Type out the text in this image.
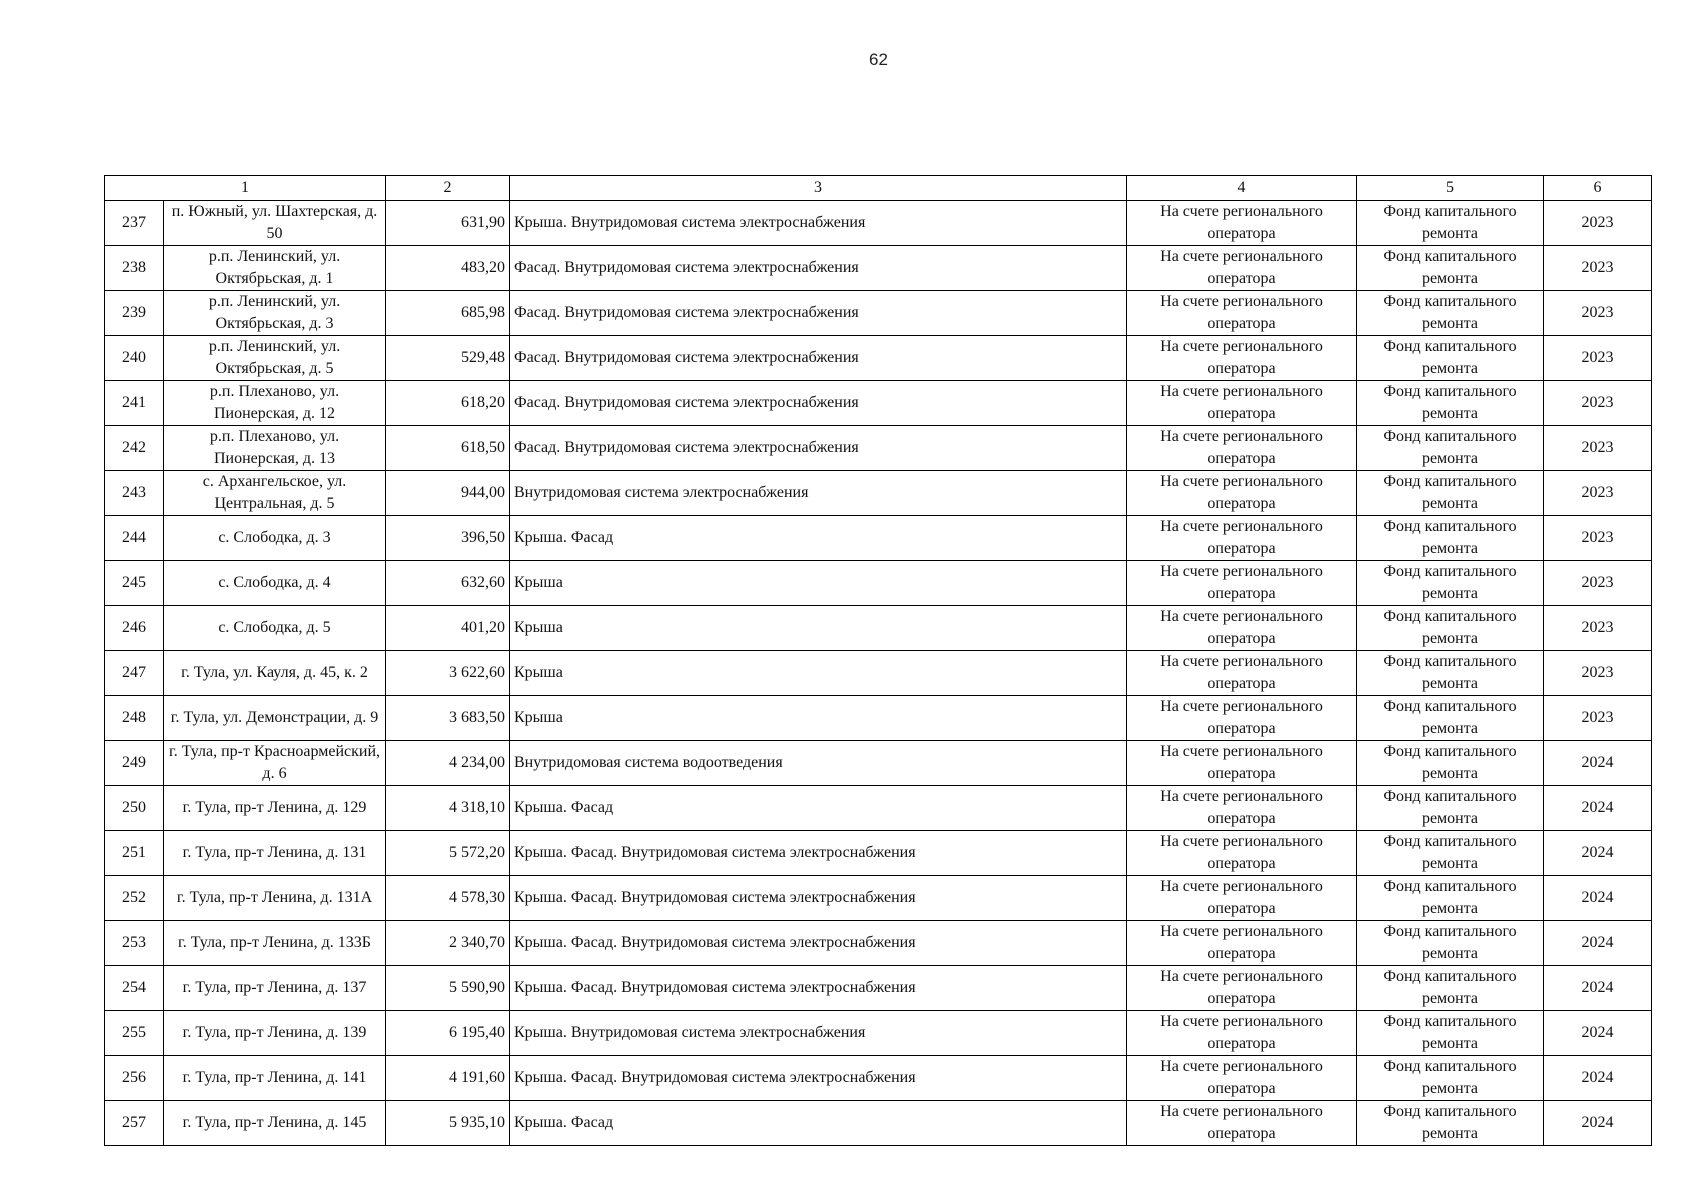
62
1		2	3	4	5	6
237	п. Южный, ул. Шахтерская, д. 50	631,90	Крыша. Внутридомовая система электроснабжения	На счете регионального оператора	Фонд капитального ремонта	2023
238	р.п. Ленинский, ул. Октябрьская, д. 1	483,20	Фасад. Внутридомовая система электроснабжения	На счете регионального оператора	Фонд капитального ремонта	2023
239	р.п. Ленинский, ул. Октябрьская, д. 3	685,98	Фасад. Внутридомовая система электроснабжения	На счете регионального оператора	Фонд капитального ремонта	2023
240	р.п. Ленинский, ул. Октябрьская, д. 5	529,48	Фасад. Внутридомовая система электроснабжения	На счете регионального оператора	Фонд капитального ремонта	2023
241	р.п. Плеханово, ул. Пионерская, д. 12	618,20	Фасад. Внутридомовая система электроснабжения	На счете регионального оператора	Фонд капитального ремонта	2023
242	р.п. Плеханово, ул. Пионерская, д. 13	618,50	Фасад. Внутридомовая система электроснабжения	На счете регионального оператора	Фонд капитального ремонта	2023
243	с. Архангельское, ул. Центральная, д. 5	944,00	Внутридомовая система электроснабжения	На счете регионального оператора	Фонд капитального ремонта	2023
244	с. Слободка, д. 3	396,50	Крыша. Фасад	На счете регионального оператора	Фонд капитального ремонта	2023
245	с. Слободка, д. 4	632,60	Крыша	На счете регионального оператора	Фонд капитального ремонта	2023
246	с. Слободка, д. 5	401,20	Крыша	На счете регионального оператора	Фонд капитального ремонта	2023
247	г. Тула, ул. Кауля, д. 45, к. 2	3 622,60	Крыша	На счете регионального оператора	Фонд капитального ремонта	2023
248	г. Тула, ул. Демонстрации, д. 9	3 683,50	Крыша	На счете регионального оператора	Фонд капитального ремонта	2023
249	г. Тула, пр-т Красноармейский, д. 6	4 234,00	Внутридомовая система водоотведения	На счете регионального оператора	Фонд капитального ремонта	2024
250	г. Тула, пр-т Ленина, д. 129	4 318,10	Крыша. Фасад	На счете регионального оператора	Фонд капитального ремонта	2024
251	г. Тула, пр-т Ленина, д. 131	5 572,20	Крыша. Фасад. Внутридомовая система электроснабжения	На счете регионального оператора	Фонд капитального ремонта	2024
252	г. Тула, пр-т Ленина, д. 131А	4 578,30	Крыша. Фасад. Внутридомовая система электроснабжения	На счете регионального оператора	Фонд капитального ремонта	2024
253	г. Тула, пр-т Ленина, д. 133Б	2 340,70	Крыша. Фасад. Внутридомовая система электроснабжения	На счете регионального оператора	Фонд капитального ремонта	2024
254	г. Тула, пр-т Ленина, д. 137	5 590,90	Крыша. Фасад. Внутридомовая система электроснабжения	На счете регионального оператора	Фонд капитального ремонта	2024
255	г. Тула, пр-т Ленина, д. 139	6 195,40	Крыша. Внутридомовая система электроснабжения	На счете регионального оператора	Фонд капитального ремонта	2024
256	г. Тула, пр-т Ленина, д. 141	4 191,60	Крыша. Фасад. Внутридомовая система электроснабжения	На счете регионального оператора	Фонд капитального ремонта	2024
257	г. Тула, пр-т Ленина, д. 145	5 935,10	Крыша. Фасад	На счете регионального оператора	Фонд капитального ремонта	2024
